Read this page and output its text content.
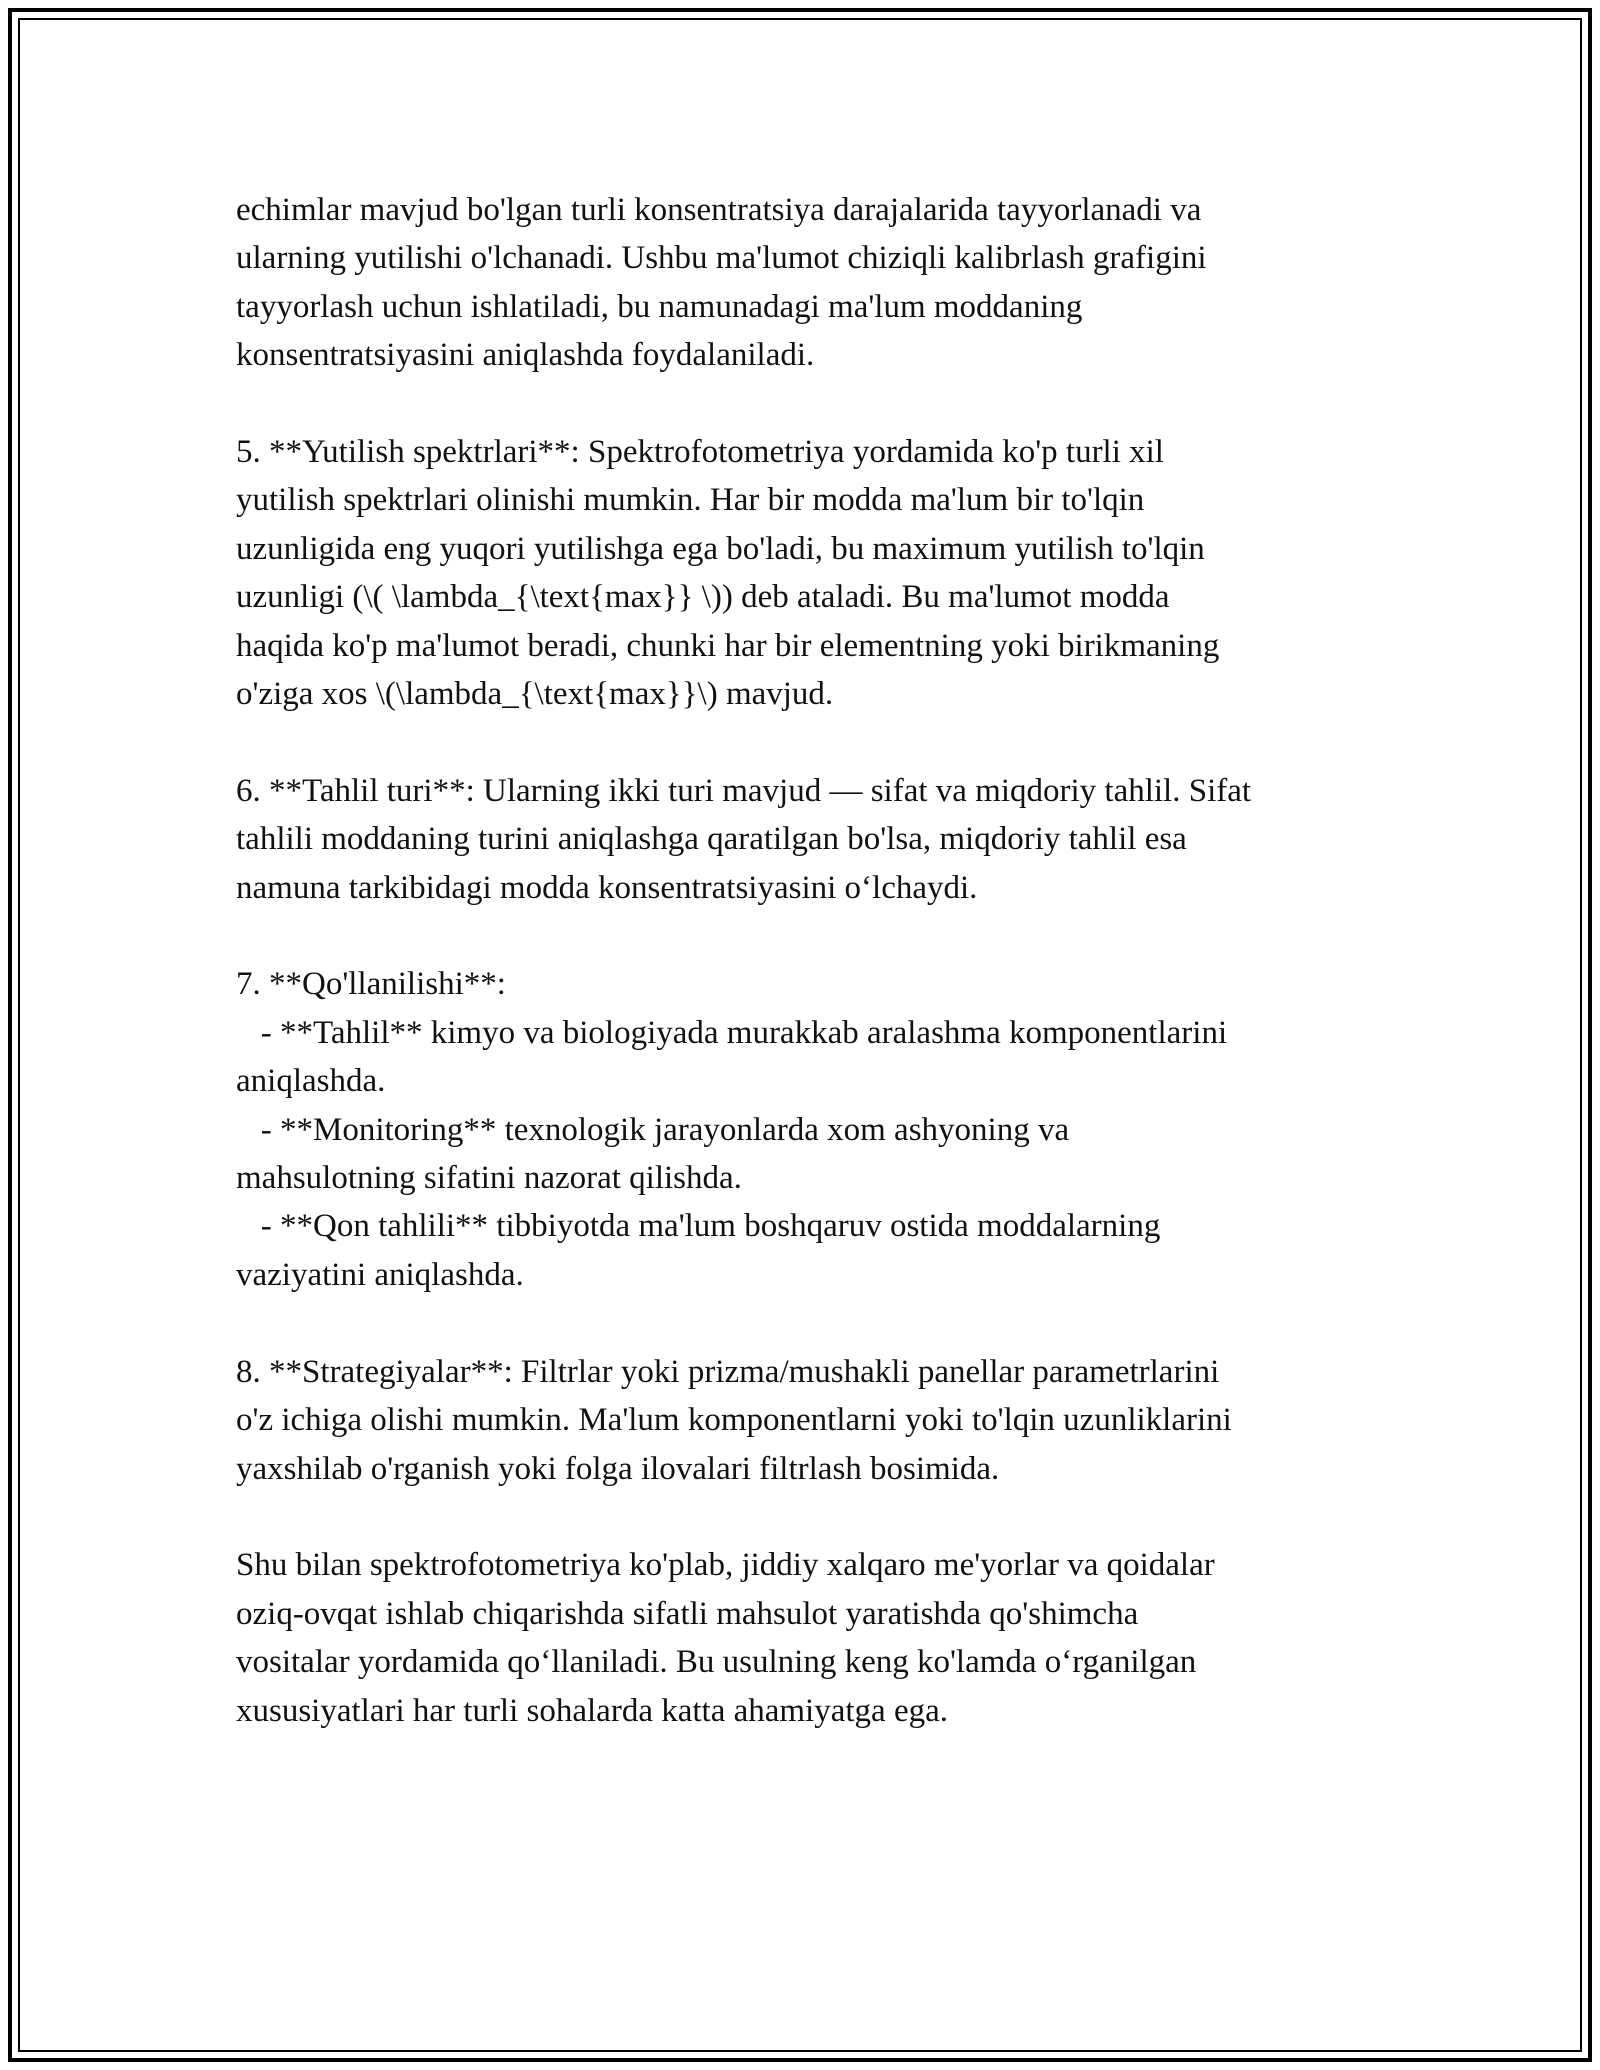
echimlar mavjud bo'lgan turli konsentratsiya darajalarida tayyorlanadi va
ularning yutilishi o'lchanadi. Ushbu ma'lumot chiziqli kalibrlash grafigini
tayyorlash uchun ishlatiladi, bu namunadagi ma'lum moddaning
konsentratsiyasini aniqlashda foydalaniladi.
5. **Yutilish spektrlari**: Spektrofotometriya yordamida ko'p turli xil
yutilish spektrlari olinishi mumkin. Har bir modda ma'lum bir to'lqin
uzunligida eng yuqori yutilishga ega bo'ladi, bu maximum yutilish to'lqin
uzunligi (\( \lambda_{\text{max}} \)) deb ataladi. Bu ma'lumot modda
haqida ko'p ma'lumot beradi, chunki har bir elementning yoki birikmaning
o'ziga xos \(\lambda_{\text{max}}\) mavjud.
6. **Tahlil turi**: Ularning ikki turi mavjud — sifat va miqdoriy tahlil. Sifat
tahlili moddaning turini aniqlashga qaratilgan bo'lsa, miqdoriy tahlil esa
namuna tarkibidagi modda konsentratsiyasini o‘lchaydi.
7. **Qo'llanilishi**:
- **Tahlil** kimyo va biologiyada murakkab aralashma komponentlarini
aniqlashda.
- **Monitoring** texnologik jarayonlarda xom ashyoning va
mahsulotning sifatini nazorat qilishda.
- **Qon tahlili** tibbiyotda ma'lum boshqaruv ostida moddalarning
vaziyatini aniqlashda.
8. **Strategiyalar**: Filtrlar yoki prizma/mushakli panellar parametrlarini
o'z ichiga olishi mumkin. Ma'lum komponentlarni yoki to'lqin uzunliklarini
yaxshilab o'rganish yoki folga ilovalari filtrlash bosimida.
Shu bilan spektrofotometriya ko'plab, jiddiy xalqaro me'yorlar va qoidalar
oziq-ovqat ishlab chiqarishda sifatli mahsulot yaratishda qo'shimcha
vositalar yordamida qo‘llaniladi. Bu usulning keng ko'lamda o‘rganilgan
xususiyatlari har turli sohalarda katta ahamiyatga ega.
